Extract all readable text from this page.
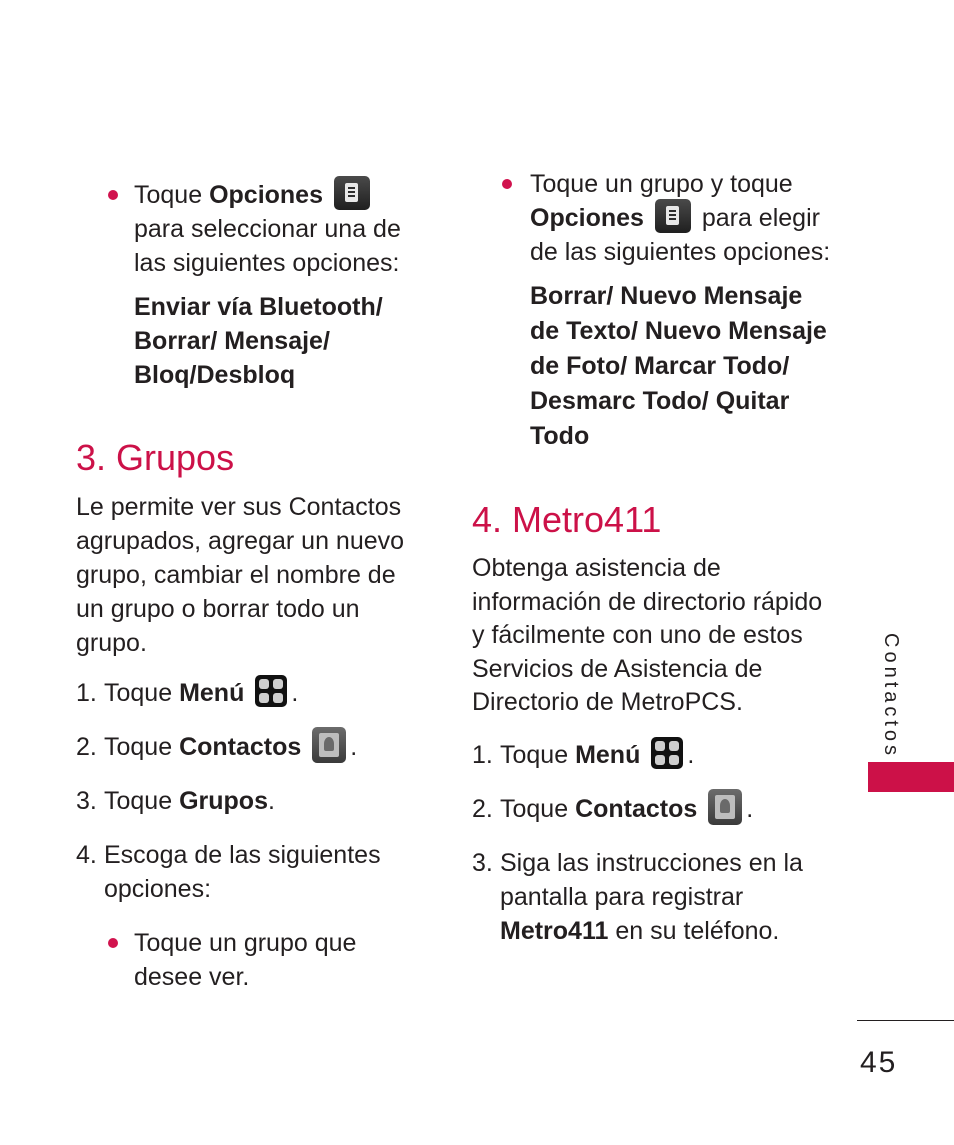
Toque Opciones  para seleccionar una de las siguientes opciones:
Enviar vía Bluetooth/ Borrar/ Mensaje/ Bloq/Desbloq
3. Grupos

Le permite ver sus Contactos agrupados, agregar un nuevo grupo, cambiar el nombre de un grupo o borrar todo un grupo.

1. Toque Menú .
2. Toque Contactos .
3. Toque Grupos.
4. Escoga de las siguientes opciones:
Toque un grupo que desee ver.
Toque un grupo y toque Opciones para elegir de las siguientes opciones:
Borrar/ Nuevo Mensaje de Texto/ Nuevo Mensaje de Foto/ Marcar Todo/ Desmarc Todo/ Quitar Todo
4. Metro411

Obtenga asistencia de información de directorio rápido y fácilmente con uno de estos Servicios de Asistencia de Directorio de MetroPCS.

1. Toque Menú .
2. Toque Contactos .
3. Siga las instrucciones en la pantalla para registrar Metro411 en su teléfono.
Contactos
45
